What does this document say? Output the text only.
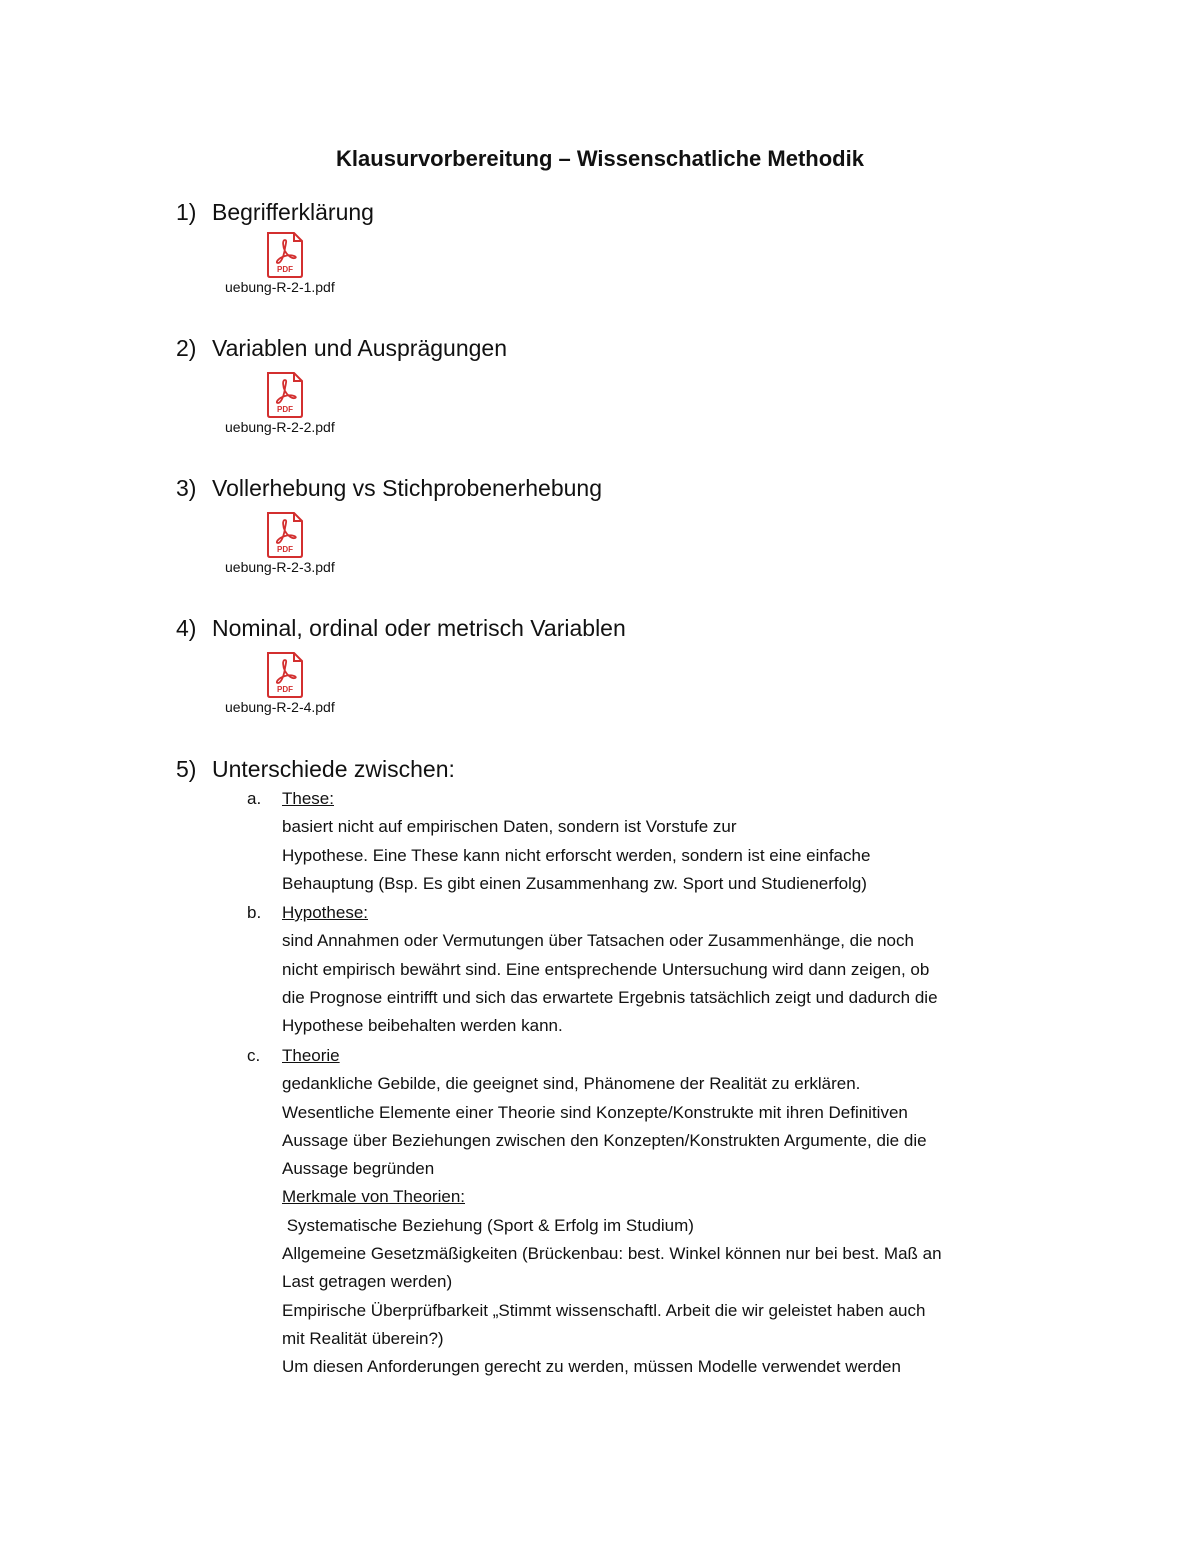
Klausurvorbereitung – Wissenschatliche Methodik
1) Begrifferklärung
PDF
uebung-R-2-1.pdf
2) Variablen und Ausprägungen
PDF
uebung-R-2-2.pdf
3) Vollerhebung vs Stichprobenerhebung
PDF
uebung-R-2-3.pdf
4) Nominal, ordinal oder metrisch Variablen
PDF
uebung-R-2-4.pdf
5) Unterschiede zwischen:
a. These:

basiert nicht auf empirischen Daten, sondern ist Vorstufe zur

Hypothese. Eine These kann nicht erforscht werden, sondern ist eine einfache

Behauptung (Bsp. Es gibt einen Zusammenhang zw. Sport und Studienerfolg)

b. Hypothese:

sind Annahmen oder Vermutungen über Tatsachen oder Zusammenhänge, die noch

nicht empirisch bewährt sind. Eine entsprechende Untersuchung wird dann zeigen, ob

die Prognose eintrifft und sich das erwartete Ergebnis tatsächlich zeigt und dadurch die

Hypothese beibehalten werden kann.

c. Theorie

gedankliche Gebilde, die geeignet sind, Phänomene der Realität zu erklären.

Wesentliche Elemente einer Theorie sind Konzepte/Konstrukte mit ihren Definitiven

Aussage über Beziehungen zwischen den Konzepten/Konstrukten Argumente, die die

Aussage begründen

Merkmale von Theorien:

Systematische Beziehung (Sport & Erfolg im Studium)

Allgemeine Gesetzmäßigkeiten (Brückenbau: best. Winkel können nur bei best. Maß an

Last getragen werden)

Empirische Überprüfbarkeit „Stimmt wissenschaftl. Arbeit die wir geleistet haben auch

mit Realität überein?)

Um diesen Anforderungen gerecht zu werden, müssen Modelle verwendet werden
